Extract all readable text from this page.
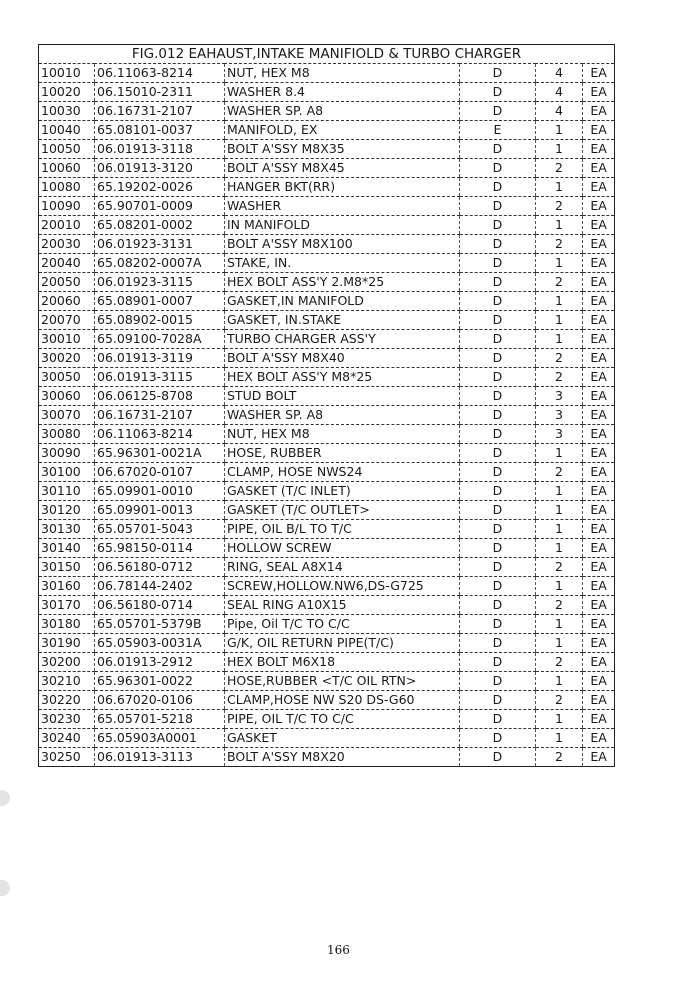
FIG.012 EAHAUST,INTAKE MANIFIOLD & TURBO CHARGER					
10010	06.11063-8214	NUT, HEX M8	D	4	EA
10020	06.15010-2311	WASHER 8.4	D	4	EA
10030	06.16731-2107	WASHER SP. A8	D	4	EA
10040	65.08101-0037	MANIFOLD, EX	E	1	EA
10050	06.01913-3118	BOLT A'SSY M8X35	D	1	EA
10060	06.01913-3120	BOLT A'SSY M8X45	D	2	EA
10080	65.19202-0026	HANGER BKT(RR)	D	1	EA
10090	65.90701-0009	WASHER	D	2	EA
20010	65.08201-0002	IN MANIFOLD	D	1	EA
20030	06.01923-3131	BOLT A'SSY M8X100	D	2	EA
20040	65.08202-0007A	STAKE, IN.	D	1	EA
20050	06.01923-3115	HEX BOLT ASS'Y 2.M8*25	D	2	EA
20060	65.08901-0007	GASKET,IN MANIFOLD	D	1	EA
20070	65.08902-0015	GASKET, IN.STAKE	D	1	EA
30010	65.09100-7028A	TURBO CHARGER ASS'Y	D	1	EA
30020	06.01913-3119	BOLT A'SSY M8X40	D	2	EA
30050	06.01913-3115	HEX BOLT ASS'Y M8*25	D	2	EA
30060	06.06125-8708	STUD BOLT	D	3	EA
30070	06.16731-2107	WASHER SP. A8	D	3	EA
30080	06.11063-8214	NUT, HEX M8	D	3	EA
30090	65.96301-0021A	HOSE, RUBBER	D	1	EA
30100	06.67020-0107	CLAMP, HOSE NWS24	D	2	EA
30110	65.09901-0010	GASKET (T/C INLET)	D	1	EA
30120	65.09901-0013	GASKET (T/C OUTLET>	D	1	EA
30130	65.05701-5043	PIPE, OIL B/L TO T/C	D	1	EA
30140	65.98150-0114	HOLLOW SCREW	D	1	EA
30150	06.56180-0712	RING, SEAL A8X14	D	2	EA
30160	06.78144-2402	SCREW,HOLLOW.NW6,DS-G725	D	1	EA
30170	06.56180-0714	SEAL RING A10X15	D	2	EA
30180	65.05701-5379B	Pipe, Oil T/C TO C/C	D	1	EA
30190	65.05903-0031A	G/K, OIL RETURN PIPE(T/C)	D	1	EA
30200	06.01913-2912	HEX BOLT M6X18	D	2	EA
30210	65.96301-0022	HOSE,RUBBER <T/C OIL RTN>	D	1	EA
30220	06.67020-0106	CLAMP,HOSE NW S20 DS-G60	D	2	EA
30230	65.05701-5218	PIPE, OIL T/C TO C/C	D	1	EA
30240	65.05903A0001	GASKET	D	1	EA
30250	06.01913-3113	BOLT A'SSY M8X20	D	2	EA
166
